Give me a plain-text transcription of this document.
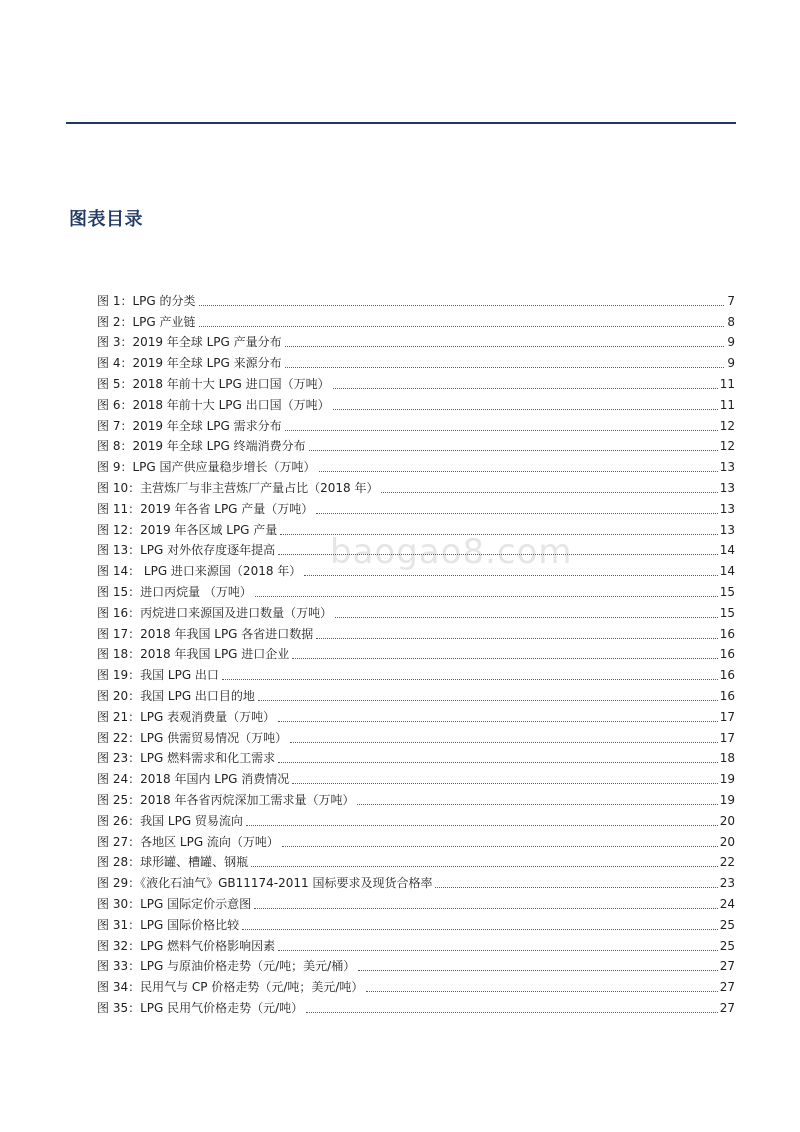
图表目录
baogao8.com
图 1：LPG 的分类	7
图 2：LPG 产业链	8
图 3：2019 年全球 LPG 产量分布	9
图 4：2019 年全球 LPG 来源分布	9
图 5：2018 年前十大 LPG 进口国（万吨）	11
图 6：2018 年前十大 LPG 出口国（万吨）	11
图 7：2019 年全球 LPG 需求分布	12
图 8：2019 年全球 LPG 终端消费分布	12
图 9：LPG 国产供应量稳步增长（万吨）	13
图 10：主营炼厂与非主营炼厂产量占比（2018 年）	13
图 11：2019 年各省 LPG 产量（万吨）	13
图 12：2019 年各区域 LPG 产量	13
图 13：LPG 对外依存度逐年提高	14
图 14： LPG 进口来源国（2018 年）	14
图 15：进口丙烷量 （万吨）	15
图 16：丙烷进口来源国及进口数量（万吨）	15
图 17：2018 年我国 LPG 各省进口数据	16
图 18：2018 年我国 LPG 进口企业	16
图 19：我国 LPG 出口	16
图 20：我国 LPG 出口目的地	16
图 21：LPG 表观消费量（万吨）	17
图 22：LPG 供需贸易情况（万吨）	17
图 23：LPG 燃料需求和化工需求	18
图 24：2018 年国内 LPG 消费情况	19
图 25：2018 年各省丙烷深加工需求量（万吨）	19
图 26：我国 LPG 贸易流向	20
图 27：各地区 LPG 流向（万吨）	20
图 28：球形罐、槽罐、钢瓶	22
图 29：《液化石油气》GB11174-2011 国标要求及现货合格率	23
图 30：LPG 国际定价示意图	24
图 31：LPG 国际价格比较	25
图 32：LPG 燃料气价格影响因素	25
图 33：LPG 与原油价格走势（元/吨；美元/桶）	27
图 34：民用气与 CP 价格走势（元/吨；美元/吨）	27
图 35：LPG 民用气价格走势（元/吨）	27
